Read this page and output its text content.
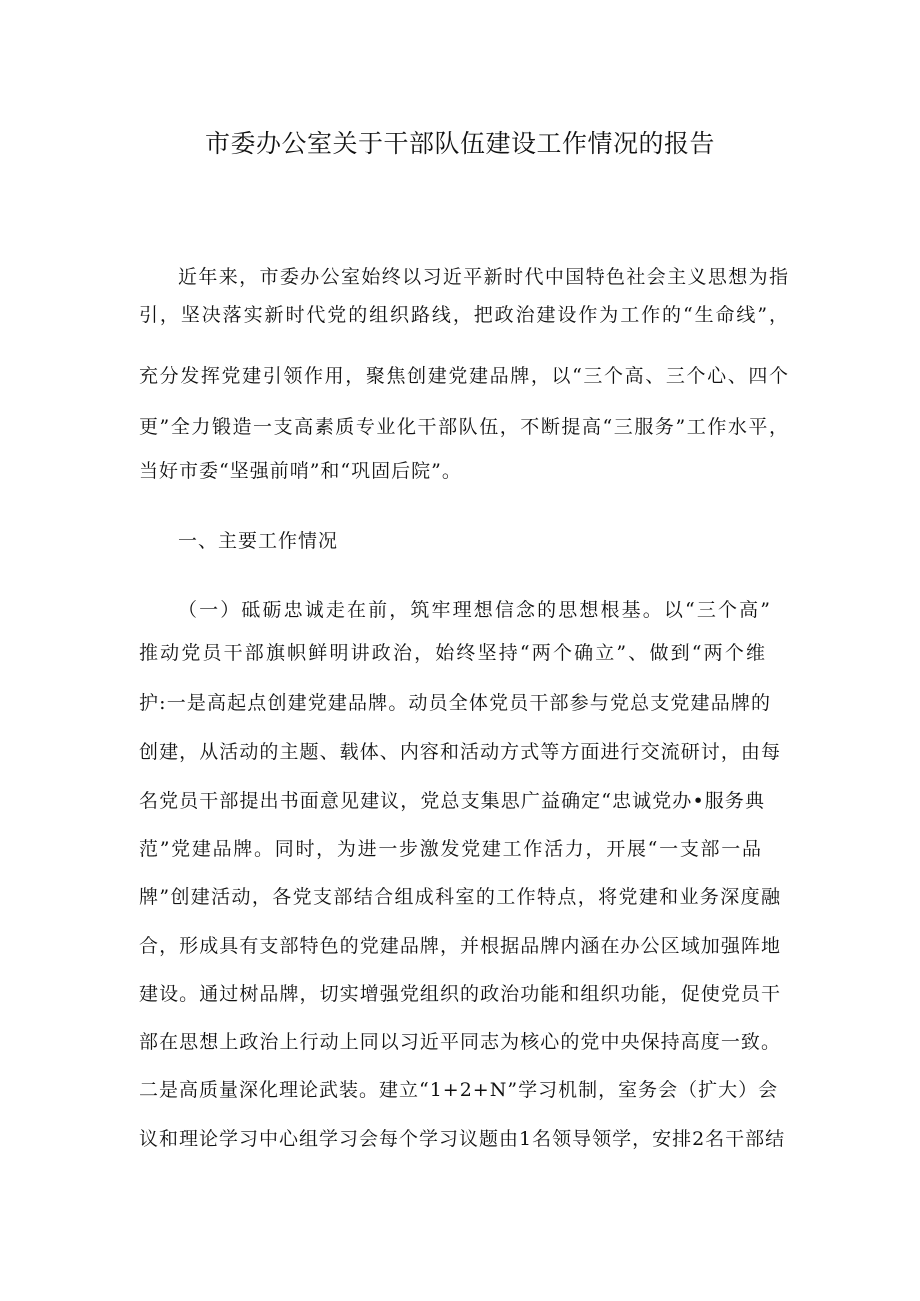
市委办公室关于干部队伍建设工作情况的报告

近年来，市委办公室始终以习近平新时代中国特色社会主义思想为指

引，坚决落实新时代党的组织路线，把政治建设作为工作的“生命线”，

充分发挥党建引领作用，聚焦创建党建品牌，以“三个高、三个心、四个

更”全力锻造一支高素质专业化干部队伍，不断提高“三服务”工作水平，

当好市委“坚强前哨”和“巩固后院”。

一、主要工作情况

（一）砥砺忠诚走在前，筑牢理想信念的思想根基。以“三个高”

推动党员干部旗帜鲜明讲政治，始终坚持“两个确立”、做到“两个维

护:一是高起点创建党建品牌。动员全体党员干部参与党总支党建品牌的

创建，从活动的主题、载体、内容和活动方式等方面进行交流研讨，由每

名党员干部提出书面意见建议，党总支集思广益确定“忠诚党办•服务典

范”党建品牌。同时，为进一步激发党建工作活力，开展“一支部一品

牌”创建活动，各党支部结合组成科室的工作特点，将党建和业务深度融

合，形成具有支部特色的党建品牌，并根据品牌内涵在办公区域加强阵地

建设。通过树品牌，切实增强党组织的政治功能和组织功能，促使党员干

部在思想上政治上行动上同以习近平同志为核心的党中央保持高度一致。

二是高质量深化理论武装。建立“1+2+N”学习机制，室务会（扩大）会

议和理论学习中心组学习会每个学习议题由1名领导领学，安排2名干部结
